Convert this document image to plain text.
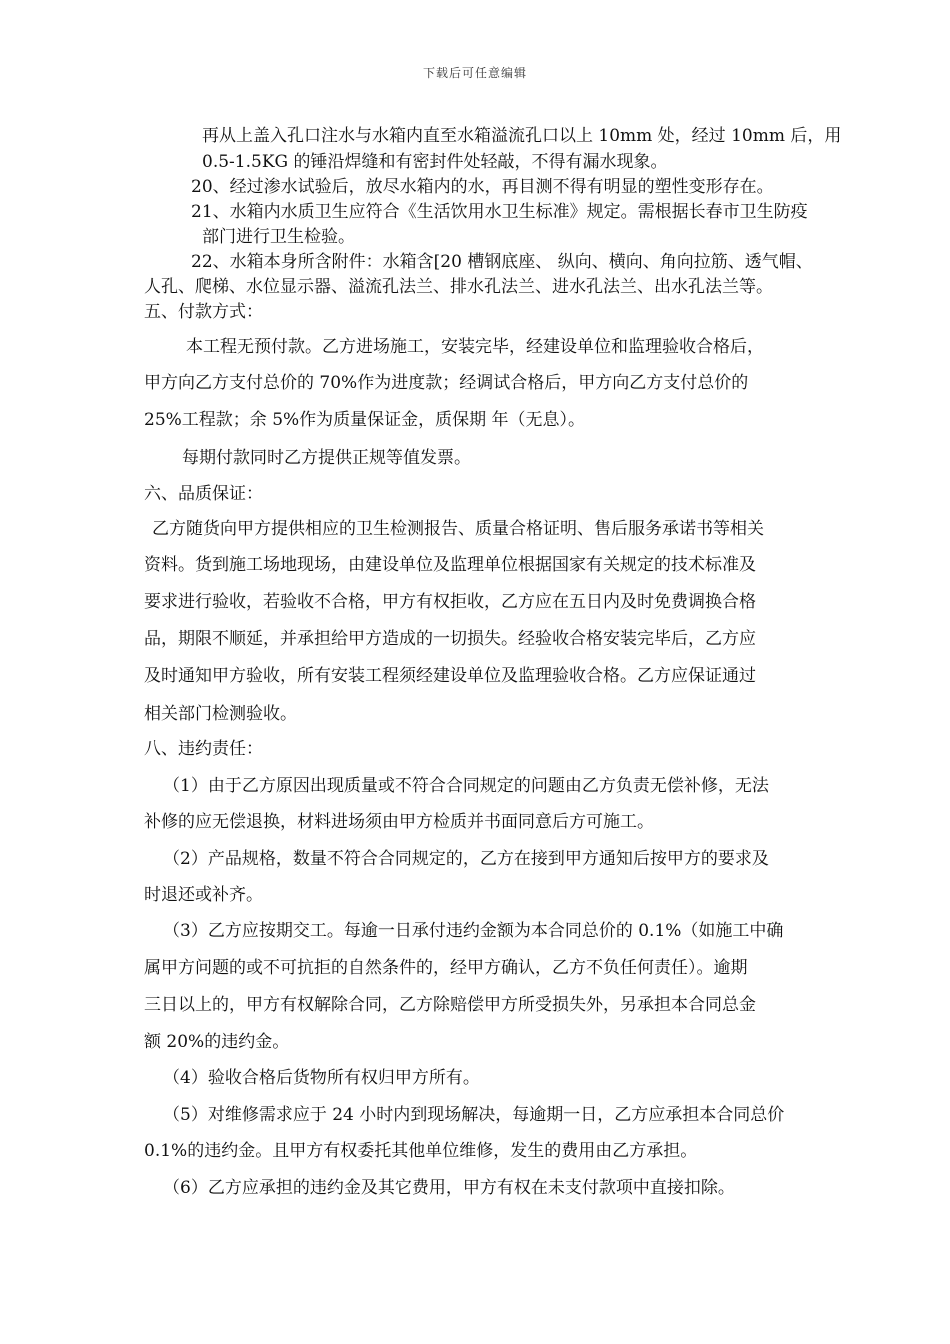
下载后可任意编辑
再从上盖入孔口注水与水箱内直至水箱溢流孔口以上 10mm 处，经过 10mm 后，用
0.5-1.5KG 的锤沿焊缝和有密封件处轻敲，不得有漏水现象。
20、经过渗水试验后，放尽水箱内的水，再目测不得有明显的塑性变形存在。
21、水箱内水质卫生应符合《生活饮用水卫生标准》规定。需根据长春市卫生防疫
部门进行卫生检验。
22、水箱本身所含附件：水箱含[20 槽钢底座、 纵向、横向、角向拉筋、透气帽、
人孔、爬梯、水位显示器、溢流孔法兰、排水孔法兰、进水孔法兰、出水孔法兰等。
五、付款方式：
本工程无预付款。乙方进场施工，安装完毕，经建设单位和监理验收合格后，
甲方向乙方支付总价的 70%作为进度款；经调试合格后，甲方向乙方支付总价的
25%工程款；余 5%作为质量保证金，质保期 年（无息）。
每期付款同时乙方提供正规等值发票。
六、品质保证：
乙方随货向甲方提供相应的卫生检测报告、质量合格证明、售后服务承诺书等相关
资料。货到施工场地现场，由建设单位及监理单位根据国家有关规定的技术标准及
要求进行验收，若验收不合格，甲方有权拒收，乙方应在五日内及时免费调换合格
品，期限不顺延，并承担给甲方造成的一切损失。经验收合格安装完毕后，乙方应
及时通知甲方验收，所有安装工程须经建设单位及监理验收合格。乙方应保证通过
相关部门检测验收。
八、违约责任：
（1）由于乙方原因出现质量或不符合合同规定的问题由乙方负责无偿补修，无法
补修的应无偿退换，材料进场须由甲方检质并书面同意后方可施工。
（2）产品规格，数量不符合合同规定的，乙方在接到甲方通知后按甲方的要求及
时退还或补齐。
（3）乙方应按期交工。每逾一日承付违约金额为本合同总价的 0.1%（如施工中确
属甲方问题的或不可抗拒的自然条件的，经甲方确认，乙方不负任何责任）。逾期
三日以上的，甲方有权解除合同，乙方除赔偿甲方所受损失外，另承担本合同总金
额 20%的违约金。
（4）验收合格后货物所有权归甲方所有。
（5）对维修需求应于 24 小时内到现场解决，每逾期一日，乙方应承担本合同总价
0.1%的违约金。且甲方有权委托其他单位维修，发生的费用由乙方承担。
（6）乙方应承担的违约金及其它费用，甲方有权在未支付款项中直接扣除。
